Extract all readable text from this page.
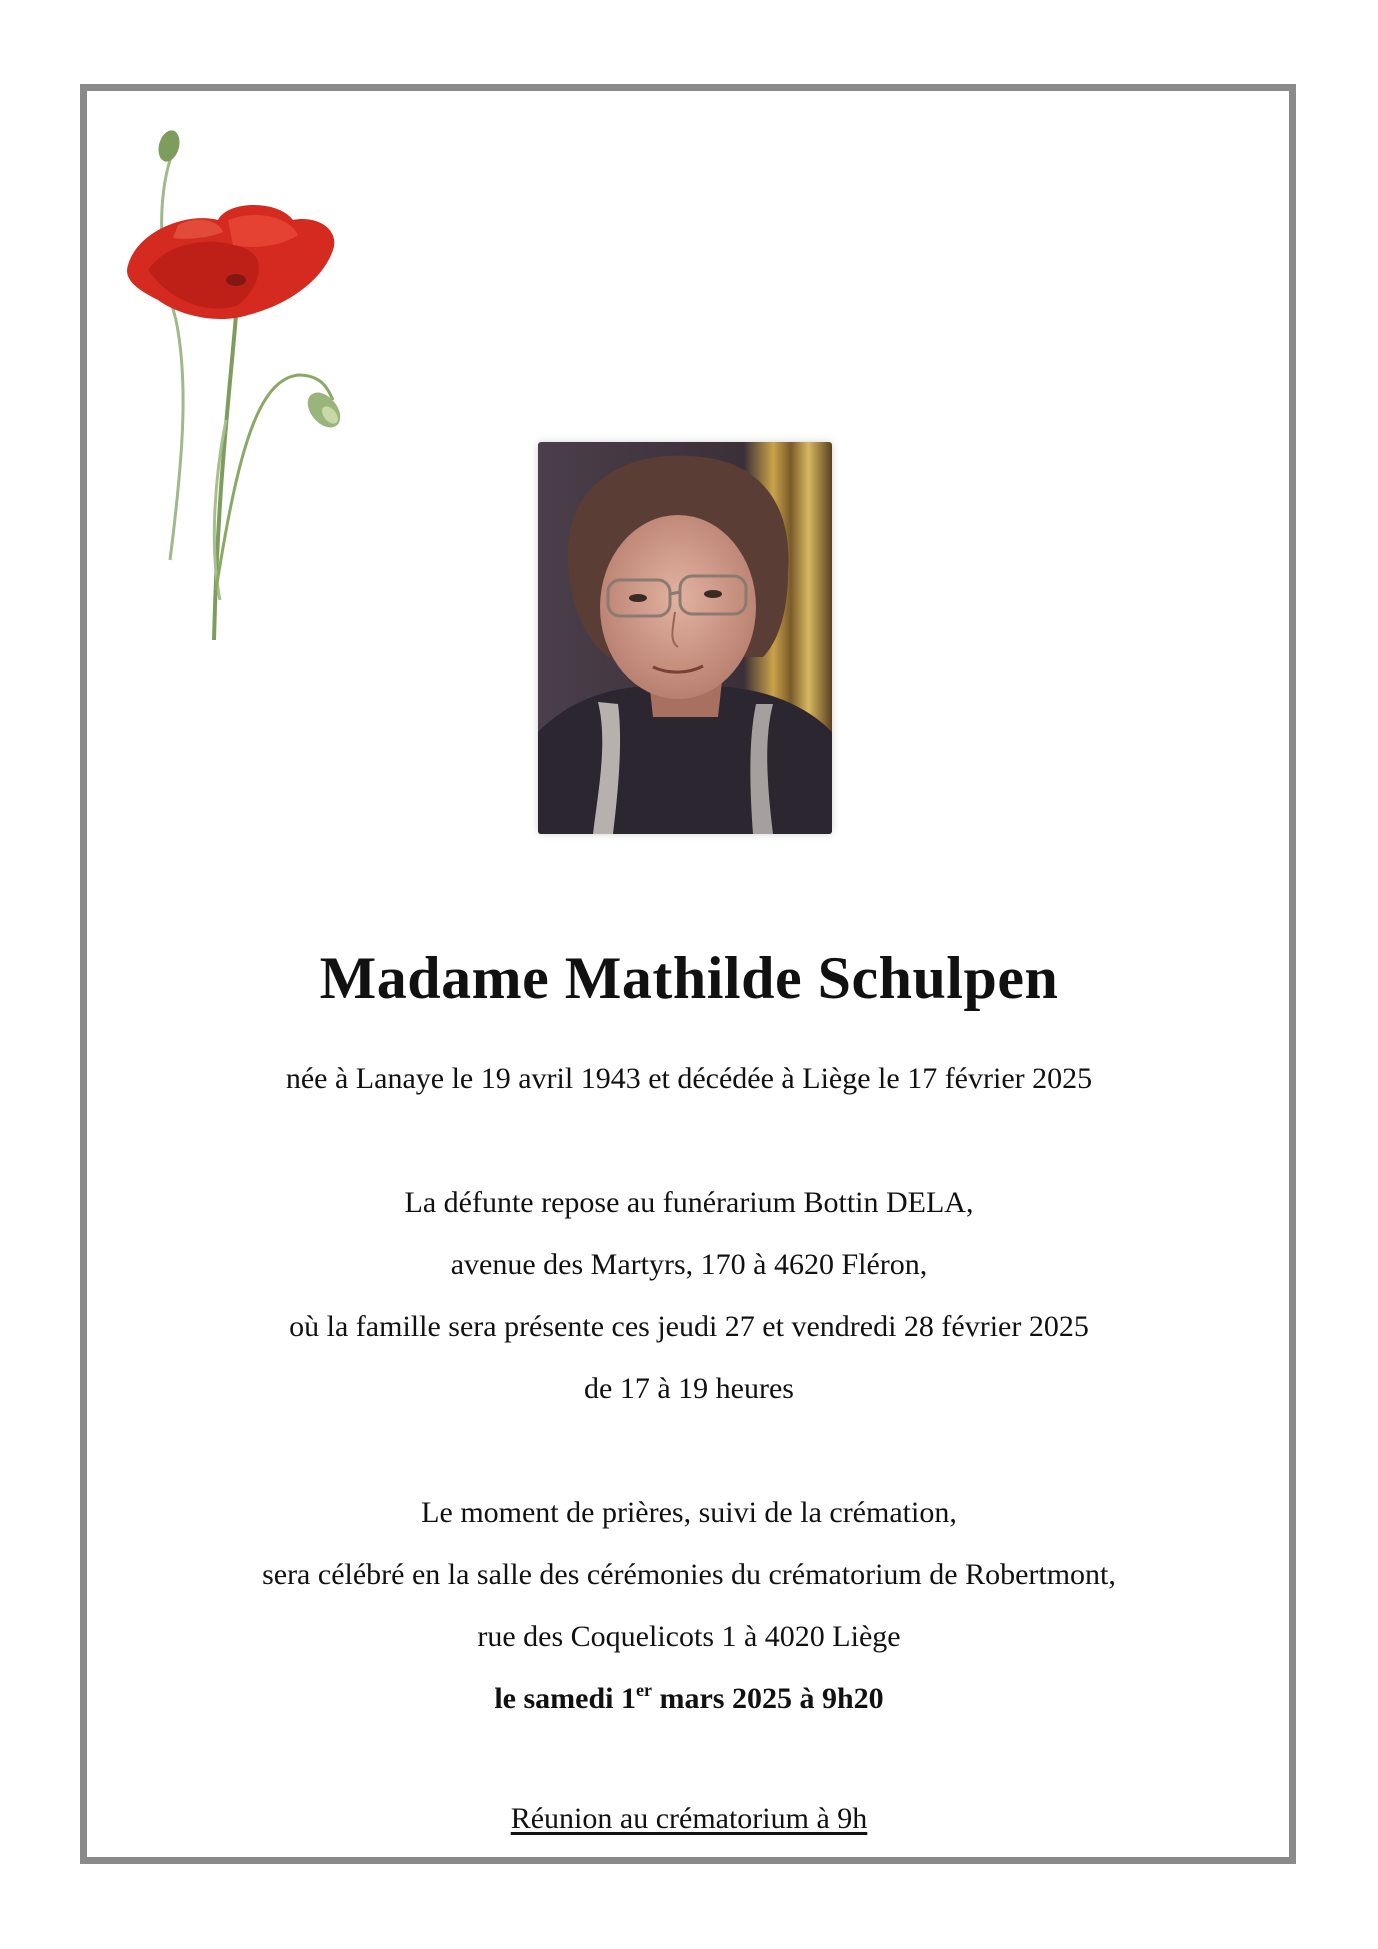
Madame Mathilde Schulpen
née à Lanaye le 19 avril 1943 et décédée à Liège le 17 février 2025
La défunte repose au funérarium Bottin DELA,
avenue des Martyrs, 170 à 4620 Fléron,
où la famille sera présente ces jeudi 27 et vendredi 28 février 2025
de 17 à 19 heures
Le moment de prières, suivi de la crémation,
sera célébré en la salle des cérémonies du crématorium de Robertmont,
rue des Coquelicots 1 à 4020 Liège
le samedi 1er mars 2025 à 9h20
Réunion au crématorium à 9h
